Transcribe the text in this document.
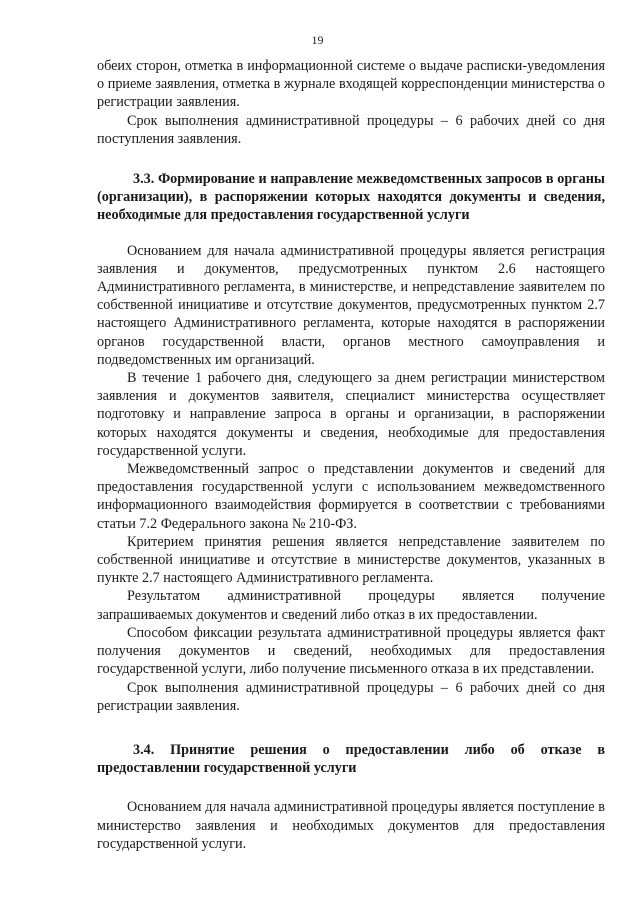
19

обеих сторон, отметка в информационной системе о выдаче расписки-уведомления о приеме заявления, отметка в журнале входящей корреспонденции министерства о регистрации заявления.

Срок выполнения административной процедуры – 6 рабочих дней со дня поступления заявления.

3.3. Формирование и направление межведомственных запросов в органы (организации), в распоряжении которых находятся документы и сведения, необходимые для предоставления государственной услуги

Основанием для начала административной процедуры является регистрация заявления и документов, предусмотренных пунктом 2.6 настоящего Административного регламента, в министерстве, и непредставление заявителем по собственной инициативе и отсутствие документов, предусмотренных пунктом 2.7 настоящего Административного регламента, которые находятся в распоряжении органов государственной власти, органов местного самоуправления и подведомственных им организаций.

В течение 1 рабочего дня, следующего за днем регистрации министерством заявления и документов заявителя, специалист министерства осуществляет подготовку и направление запроса в органы и организации, в распоряжении которых находятся документы и сведения, необходимые для предоставления государственной услуги.

Межведомственный запрос о представлении документов и сведений для предоставления государственной услуги с использованием межведомственного информационного взаимодействия формируется в соответствии с требованиями статьи 7.2 Федерального закона № 210-ФЗ.

Критерием принятия решения является непредставление заявителем по собственной инициативе и отсутствие в министерстве документов, указанных в пункте 2.7 настоящего Административного регламента.

Результатом административной процедуры является получение запрашиваемых документов и сведений либо отказ в их предоставлении.

Способом фиксации результата административной процедуры является факт получения документов и сведений, необходимых для предоставления государственной услуги, либо получение письменного отказа в их представлении.

Срок выполнения административной процедуры – 6 рабочих дней со дня регистрации заявления.

3.4. Принятие решения о предоставлении либо об отказе в предоставлении государственной услуги

Основанием для начала административной процедуры является поступление в министерство заявления и необходимых документов для предоставления государственной услуги.
